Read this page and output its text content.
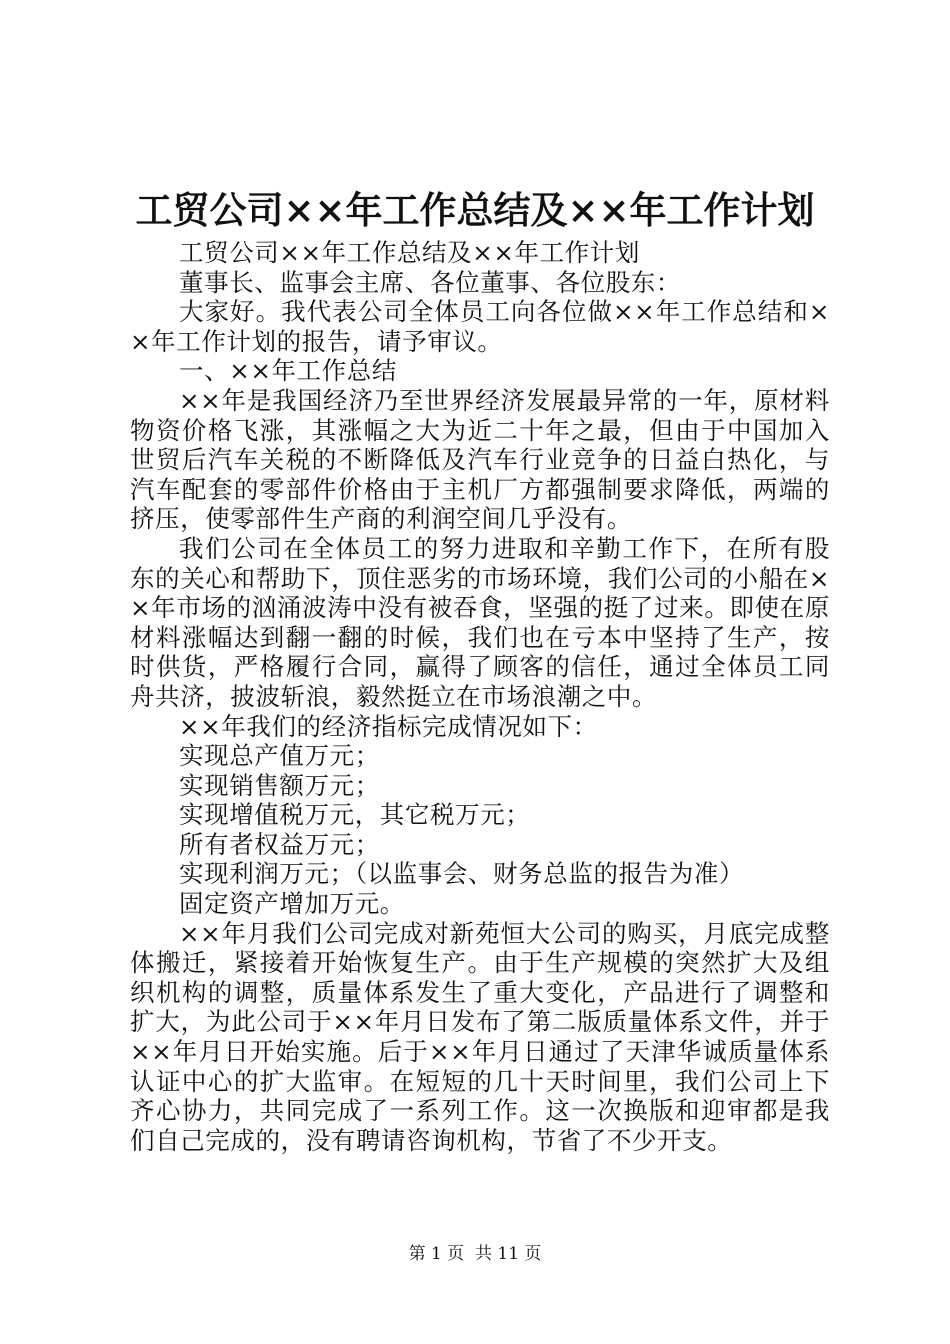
工贸公司××年工作总结及××年工作计划

工贸公司××年工作总结及××年工作计划

董事长、监事会主席、各位董事、各位股东：

大家好。我代表公司全体员工向各位做××年工作总结和××年工作计划的报告，请予审议。

一、××年工作总结

××年是我国经济乃至世界经济发展最异常的一年，原材料物资价格飞涨，其涨幅之大为近二十年之最，但由于中国加入世贸后汽车关税的不断降低及汽车行业竞争的日益白热化，与汽车配套的零部件价格由于主机厂方都强制要求降低，两端的挤压，使零部件生产商的利润空间几乎没有。

我们公司在全体员工的努力进取和辛勤工作下，在所有股东的关心和帮助下，顶住恶劣的市场环境，我们公司的小船在××年市场的汹涌波涛中没有被吞食，坚强的挺了过来。即使在原材料涨幅达到翻一翻的时候，我们也在亏本中坚持了生产，按时供货，严格履行合同，赢得了顾客的信任，通过全体员工同舟共济，披波斩浪，毅然挺立在市场浪潮之中。

××年我们的经济指标完成情况如下：

实现总产值万元；

实现销售额万元；

实现增值税万元，其它税万元；

所有者权益万元；

实现利润万元；（以监事会、财务总监的报告为准）

固定资产增加万元。

××年月我们公司完成对新苑恒大公司的购买，月底完成整体搬迁，紧接着开始恢复生产。由于生产规模的突然扩大及组织机构的调整，质量体系发生了重大变化，产品进行了调整和扩大，为此公司于××年月日发布了第二版质量体系文件，并于××年月日开始实施。后于××年月日通过了天津华诚质量体系认证中心的扩大监审。在短短的几十天时间里，我们公司上下齐心协力，共同完成了一系列工作。这一次换版和迎审都是我们自己完成的，没有聘请咨询机构，节省了不少开支。

第 1 页  共 11 页
